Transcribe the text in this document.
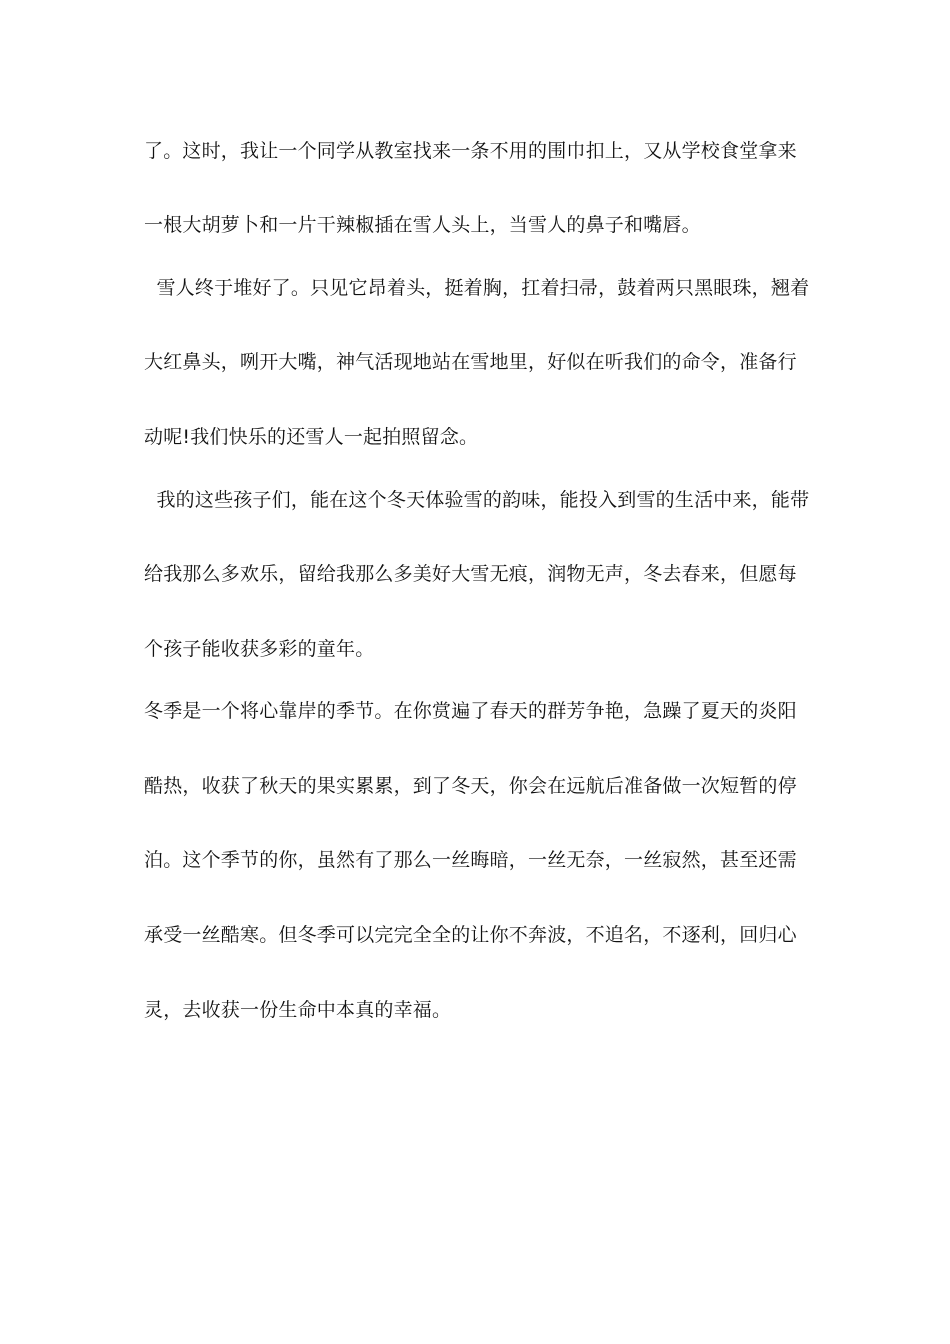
了。这时，我让一个同学从教室找来一条不用的围巾扣上，又从学校食堂拿来
一根大胡萝卜和一片干辣椒插在雪人头上，当雪人的鼻子和嘴唇。
雪人终于堆好了。只见它昂着头，挺着胸，扛着扫帚，鼓着两只黑眼珠，翘着
大红鼻头，咧开大嘴，神气活现地站在雪地里，好似在听我们的命令，准备行
动呢!我们快乐的还雪人一起拍照留念。
我的这些孩子们，能在这个冬天体验雪的韵味，能投入到雪的生活中来，能带
给我那么多欢乐，留给我那么多美好大雪无痕，润物无声，冬去春来，但愿每
个孩子能收获多彩的童年。
冬季是一个将心靠岸的季节。在你赏遍了春天的群芳争艳，急躁了夏天的炎阳
酷热，收获了秋天的果实累累，到了冬天，你会在远航后准备做一次短暂的停
泊。这个季节的你，虽然有了那么一丝晦暗，一丝无奈，一丝寂然，甚至还需
承受一丝酷寒。但冬季可以完完全全的让你不奔波，不追名，不逐利，回归心
灵，去收获一份生命中本真的幸福。
